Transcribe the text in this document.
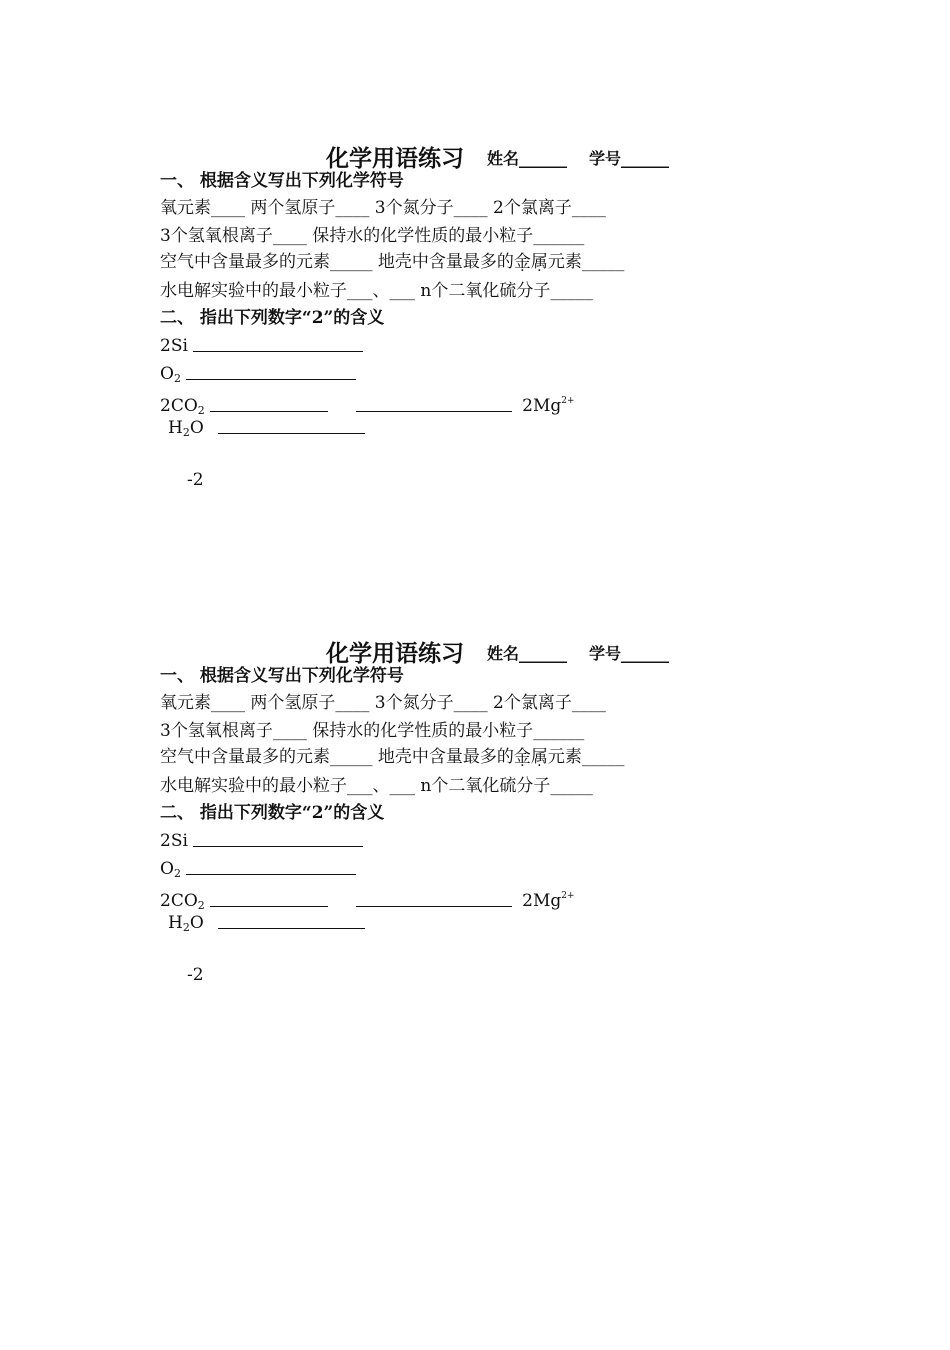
化学用语练习 姓名______ 学号______
一、 根据含义写出下列化学符号
氧元素____ 两个氢原子____ 3个氮分子____ 2个氯离子____
3个氢氧根离子____ 保持水的化学性质的最小粒子______
空气中含量最多的元素_____ 地壳中含量最多的金属元素_____
水电解实验中的最小粒子___、___ n个二氧化硫分子_____
二、 指出下列数字“2”的含义
2Si
$O_2$
$2CO_2$	$2Mg^{2+}$
$H_2O$
-2
化学用语练习 姓名______ 学号______
一、 根据含义写出下列化学符号
氧元素____ 两个氢原子____ 3个氮分子____ 2个氯离子____
3个氢氧根离子____ 保持水的化学性质的最小粒子______
空气中含量最多的元素_____ 地壳中含量最多的金属元素_____
水电解实验中的最小粒子___、___ n个二氧化硫分子_____
二、 指出下列数字“2”的含义
2Si
$O_2$
$2CO_2$	$2Mg^{2+}$
$H_2O$
-2
